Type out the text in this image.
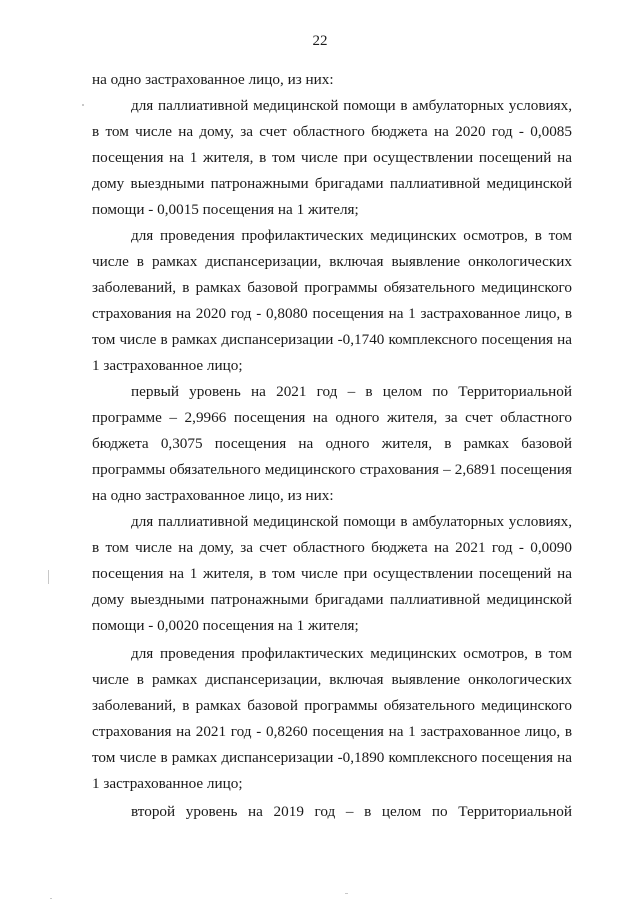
22
на одно застрахованное лицо, из них:
для паллиативной медицинской помощи в амбулаторных условиях,
в том числе на дому, за счет областного бюджета на 2020 год - 0,0085
посещения на 1 жителя, в том числе при осуществлении посещений на
дому выездными патронажными бригадами паллиативной медицинской
помощи - 0,0015 посещения на 1 жителя;
для проведения профилактических медицинских осмотров, в том
числе в рамках диспансеризации, включая выявление онкологических
заболеваний, в рамках базовой программы обязательного медицинского
страхования на 2020 год - 0,8080 посещения на 1 застрахованное лицо, в
том числе в рамках диспансеризации -0,1740 комплексного посещения на
1 застрахованное лицо;
первый уровень на 2021 год – в целом по Территориальной
программе – 2,9966 посещения на одного жителя, за счет областного
бюджета 0,3075 посещения на одного жителя, в рамках базовой
программы обязательного медицинского страхования – 2,6891 посещения
на одно застрахованное лицо, из них:
для паллиативной медицинской помощи в амбулаторных условиях,
в том числе на дому, за счет областного бюджета на 2021 год - 0,0090
посещения на 1 жителя, в том числе при осуществлении посещений на
дому выездными патронажными бригадами паллиативной медицинской
помощи - 0,0020 посещения на 1 жителя;
для проведения профилактических медицинских осмотров, в том
числе в рамках диспансеризации, включая выявление онкологических
заболеваний, в рамках базовой программы обязательного медицинского
страхования на 2021 год - 0,8260 посещения на 1 застрахованное лицо, в
том числе в рамках диспансеризации -0,1890 комплексного посещения на
1 застрахованное лицо;
второй уровень на 2019 год – в целом по Территориальной
